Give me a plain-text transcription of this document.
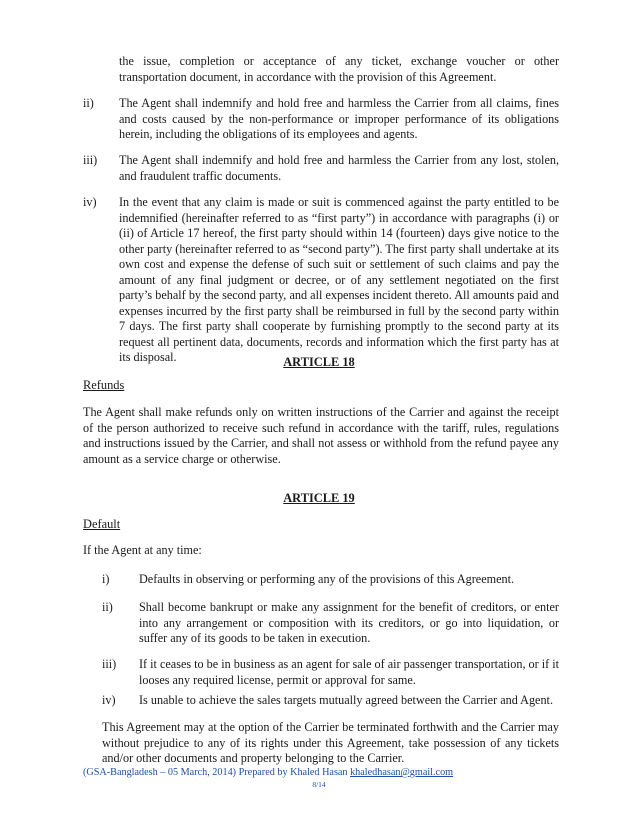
the issue, completion or acceptance of any ticket, exchange voucher or other transportation document, in accordance with the provision of this Agreement.

ii) The Agent shall indemnify and hold free and harmless the Carrier from all claims, fines and costs caused by the non-performance or improper performance of its obligations herein, including the obligations of its employees and agents.

iii) The Agent shall indemnify and hold free and harmless the Carrier from any lost, stolen, and fraudulent traffic documents.

iv) In the event that any claim is made or suit is commenced against the party entitled to be indemnified (hereinafter referred to as “first party”) in accordance with paragraphs (i) or (ii) of Article 17 hereof, the first party should within 14 (fourteen) days give notice to the other party (hereinafter referred to as “second party”). The first party shall undertake at its own cost and expense the defense of such suit or settlement of such claims and pay the amount of any final judgment or decree, or of any settlement negotiated on the first party’s behalf by the second party, and all expenses incident thereto. All amounts paid and expenses incurred by the first party shall be reimbursed in full by the second party within 7 days. The first party shall cooperate by furnishing promptly to the second party at its request all pertinent data, documents, records and information which the first party has at its disposal.	ARTICLE 18
Refunds

The Agent shall make refunds only on written instructions of the Carrier and against the receipt of the person authorized to receive such refund in accordance with the tariff, rules, regulations and instructions issued by the Carrier, and shall not assess or withhold from the refund payee any amount as a service charge or otherwise.

ARTICLE 19
Default
If the Agent at any time:
i) Defaults in observing or performing any of the provisions of this Agreement.

ii) Shall become bankrupt or make any assignment for the benefit of creditors, or enter into any arrangement or composition with its creditors, or go into liquidation, or suffer any of its goods to be taken in execution.

iii) If it ceases to be in business as an agent for sale of air passenger transportation, or if it looses any required license, permit or approval for same.

iv) Is unable to achieve the sales targets mutually agreed between the Carrier and Agent.

This Agreement may at the option of the Carrier be terminated forthwith and the Carrier may without prejudice to any of its rights under this Agreement, take possession of any tickets and/or other documents and property belonging to the Carrier.

(GSA-Bangladesh – 05 March, 2014) Prepared by Khaled Hasan khaledhasan@gmail.com
8/14
